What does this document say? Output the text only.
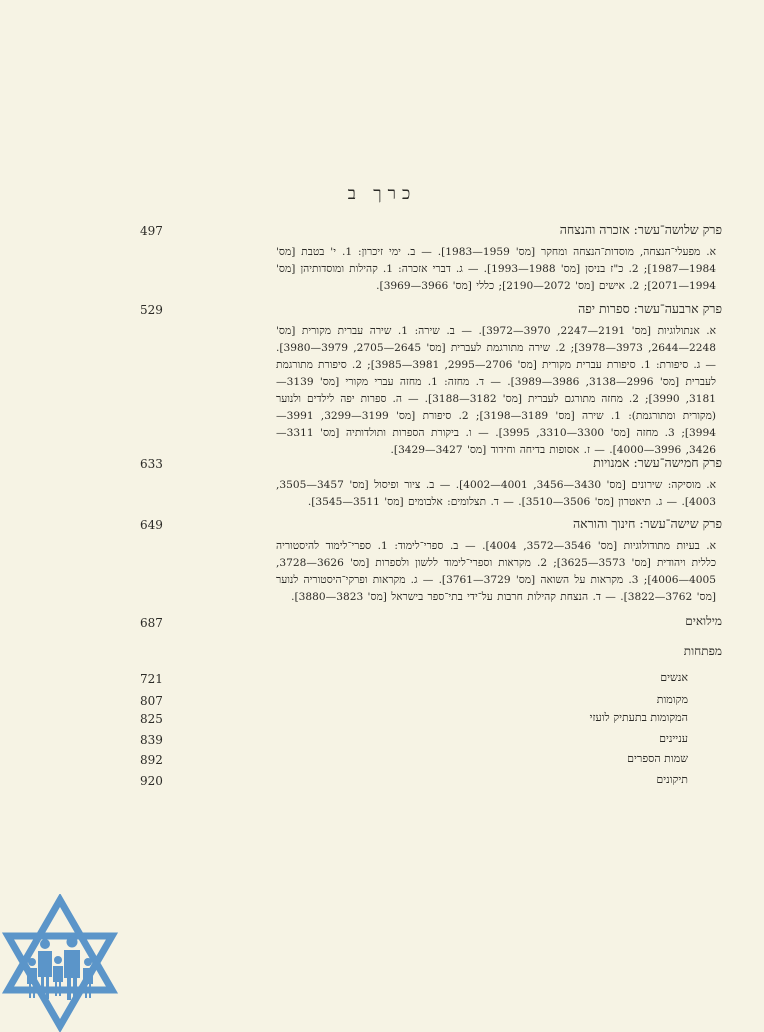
כרך ב
פרק שלושה־עשר: אזכרה והנצחה
497
א. מפעלי־הנצחה, מוסדות־הנצחה ומחקר [מס' 1959—1983]. — ב. ימי זיכרון: 1. י' בטבת [מס' 1984—1987]; 2. כ"ז בניסן [מס' 1988—1993]. — ג. דברי אזכרה: 1. קהילות ומוסדותיהן [מס' 1994—2071]; 2. אישים [מס' 2072—2190]; כללי [מס' 3966—3969].
פרק ארבעה־עשר: ספרות יפה
529
א. אנתולוגיות [מס' 2191—2247, 3970—3972]. — ב. שירה: 1. שירה עברית מקורית [מס' 2248—2644, 3973—3978]; 2. שירה מתורגמת לעברית [מס' 2645—2705, 3979—3980]. — ג. סיפורת: 1. סיפורת עברית מקורית [מס' 2706—2995, 3981—3985]; 2. סיפורת מתורגמת לעברית [מס' 2996—3138, 3986—3989]. — ד. מחזה: 1. מחזה עברי מקורי [מס' 3139—3181, 3990]; 2. מחזה מתורגם לעברית [מס' 3182—3188]. — ה. ספרות יפה לילדים ולנוער (מקורית ומתורגמת): 1. שירה [מס' 3189—3198]; 2. סיפורת [מס' 3199—3299, 3991—3994]; 3. מחזה [מס' 3300—3310, 3995]. — ו. ביקורת הספרות ותולדותיה [מס' 3311—3426, 3996—4000]. — ז. אסופות בדיחה וחידוד [מס' 3427—3429].
פרק חמישה־עשר: אמנויות
633
א. מוסיקה: שירונים [מס' 3430—3456, 4001—4002]. — ב. ציור ופיסול [מס' 3457—3505, 4003]. — ג. תיאטרון [מס' 3506—3510]. — ד. תצלומים: אלבומים [מס' 3511—3545].
פרק שישה־עשר: חינוך והוראה
649
א. בעיות מתודולוגיות [מס' 3546—3572, 4004]. — ב. ספרי־לימוד: 1. ספרי־לימוד להיסטוריה כללית ויהודית [מס' 3573—3625]; 2. מקראות וספרי־לימוד ללשון ולספרות [מס' 3626—3728, 4005—4006]; 3. מקראות על השואה [מס' 3729—3761]. — ג. מקראות ופרקי־היסטוריה לנוער [מס' 3762—3822]. — ד. הנצחת קהילות חרבות על־ידי בתי־ספר בישראל [מס' 3823—3880].
מילואים
687
מפתחות
אנשים
721
מקומות
807
המקומות בתעתיק לועזי
825
עניינים
839
שמות הספרים
892
תיקונים
920
